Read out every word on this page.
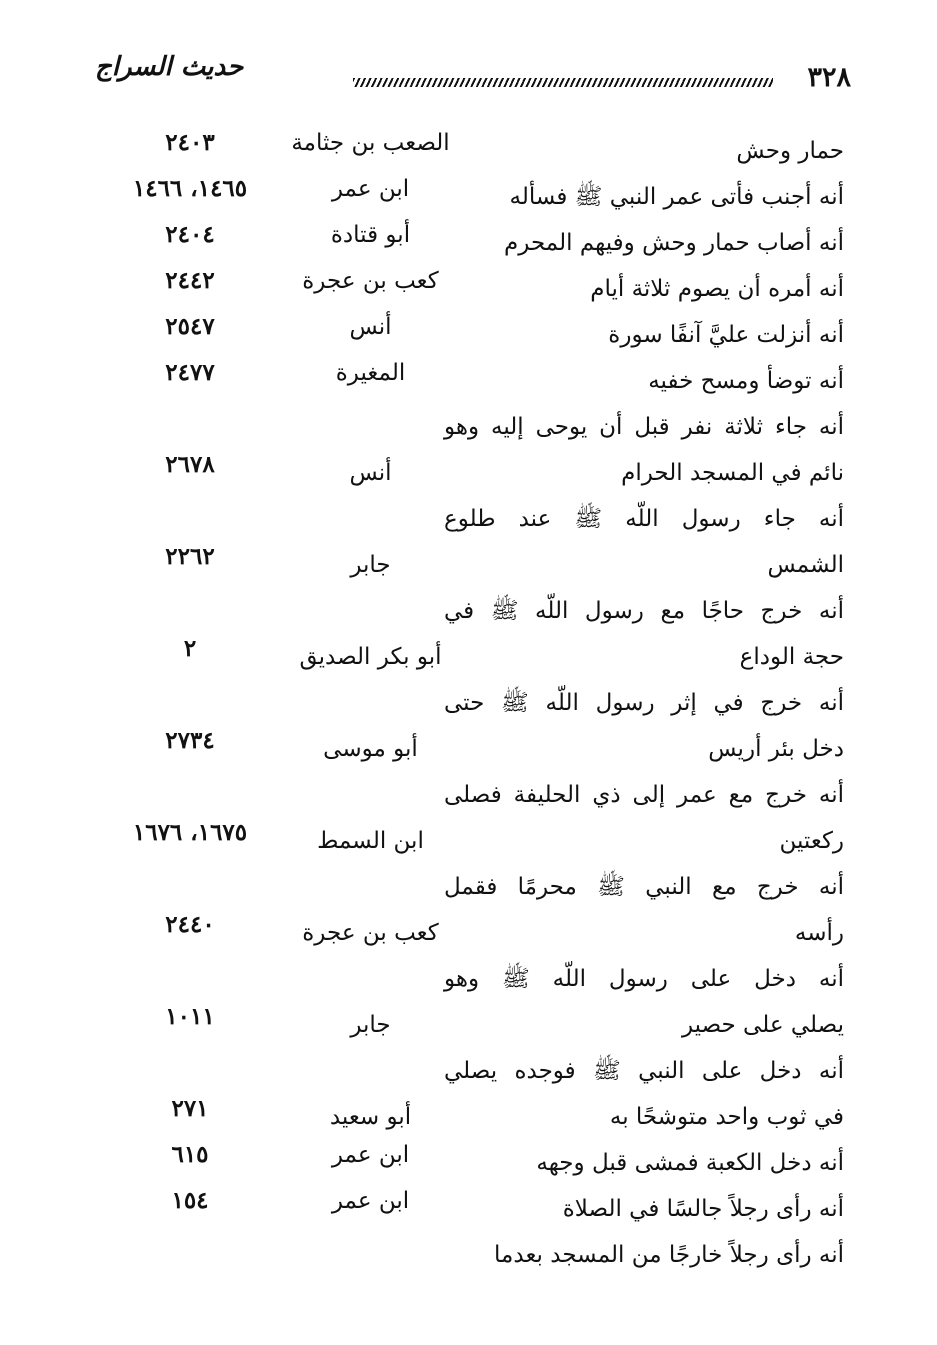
٣٢٨
حديث السراج
حمار وحش
الصعب بن جثامة
٢٤٠٣
أنه أجنب فأتى عمر النبي ﷺ فسأله
ابن عمر
١٤٦٥، ١٤٦٦
أنه أصاب حمار وحش وفيهم المحرم
أبو قتادة
٢٤٠٤
أنه أمره أن يصوم ثلاثة أيام
كعب بن عجرة
٢٤٤٢
أنه أنزلت عليَّ آنفًا سورة
أنس
٢٥٤٧
أنه توضأ ومسح خفيه
المغيرة
٢٤٧٧
أنه جاء ثلاثة نفر قبل أن يوحى إليه وهو
نائم في المسجد الحرام
أنس
٢٦٧٨
أنه جاء رسول اللّه ﷺ عند طلوع
الشمس
جابر
٢٢٦٢
أنه خرج حاجًا مع رسول اللّه ﷺ في
حجة الوداع
أبو بكر الصديق
٢
أنه خرج في إثر رسول اللّه ﷺ حتى
دخل بئر أريس
أبو موسى
٢٧٣٤
أنه خرج مع عمر إلى ذي الحليفة فصلى
ركعتين
ابن السمط
١٦٧٥، ١٦٧٦
أنه خرج مع النبي ﷺ محرمًا فقمل
رأسه
كعب بن عجرة
٢٤٤٠
أنه دخل على رسول اللّه ﷺ وهو
يصلي على حصير
جابر
١٠١١
أنه دخل على النبي ﷺ فوجده يصلي
في ثوب واحد متوشحًا به
أبو سعيد
٢٧١
أنه دخل الكعبة فمشى قبل وجهه
ابن عمر
٦١٥
أنه رأى رجلاً جالسًا في الصلاة
ابن عمر
١٥٤
أنه رأى رجلاً خارجًا من المسجد بعدما
